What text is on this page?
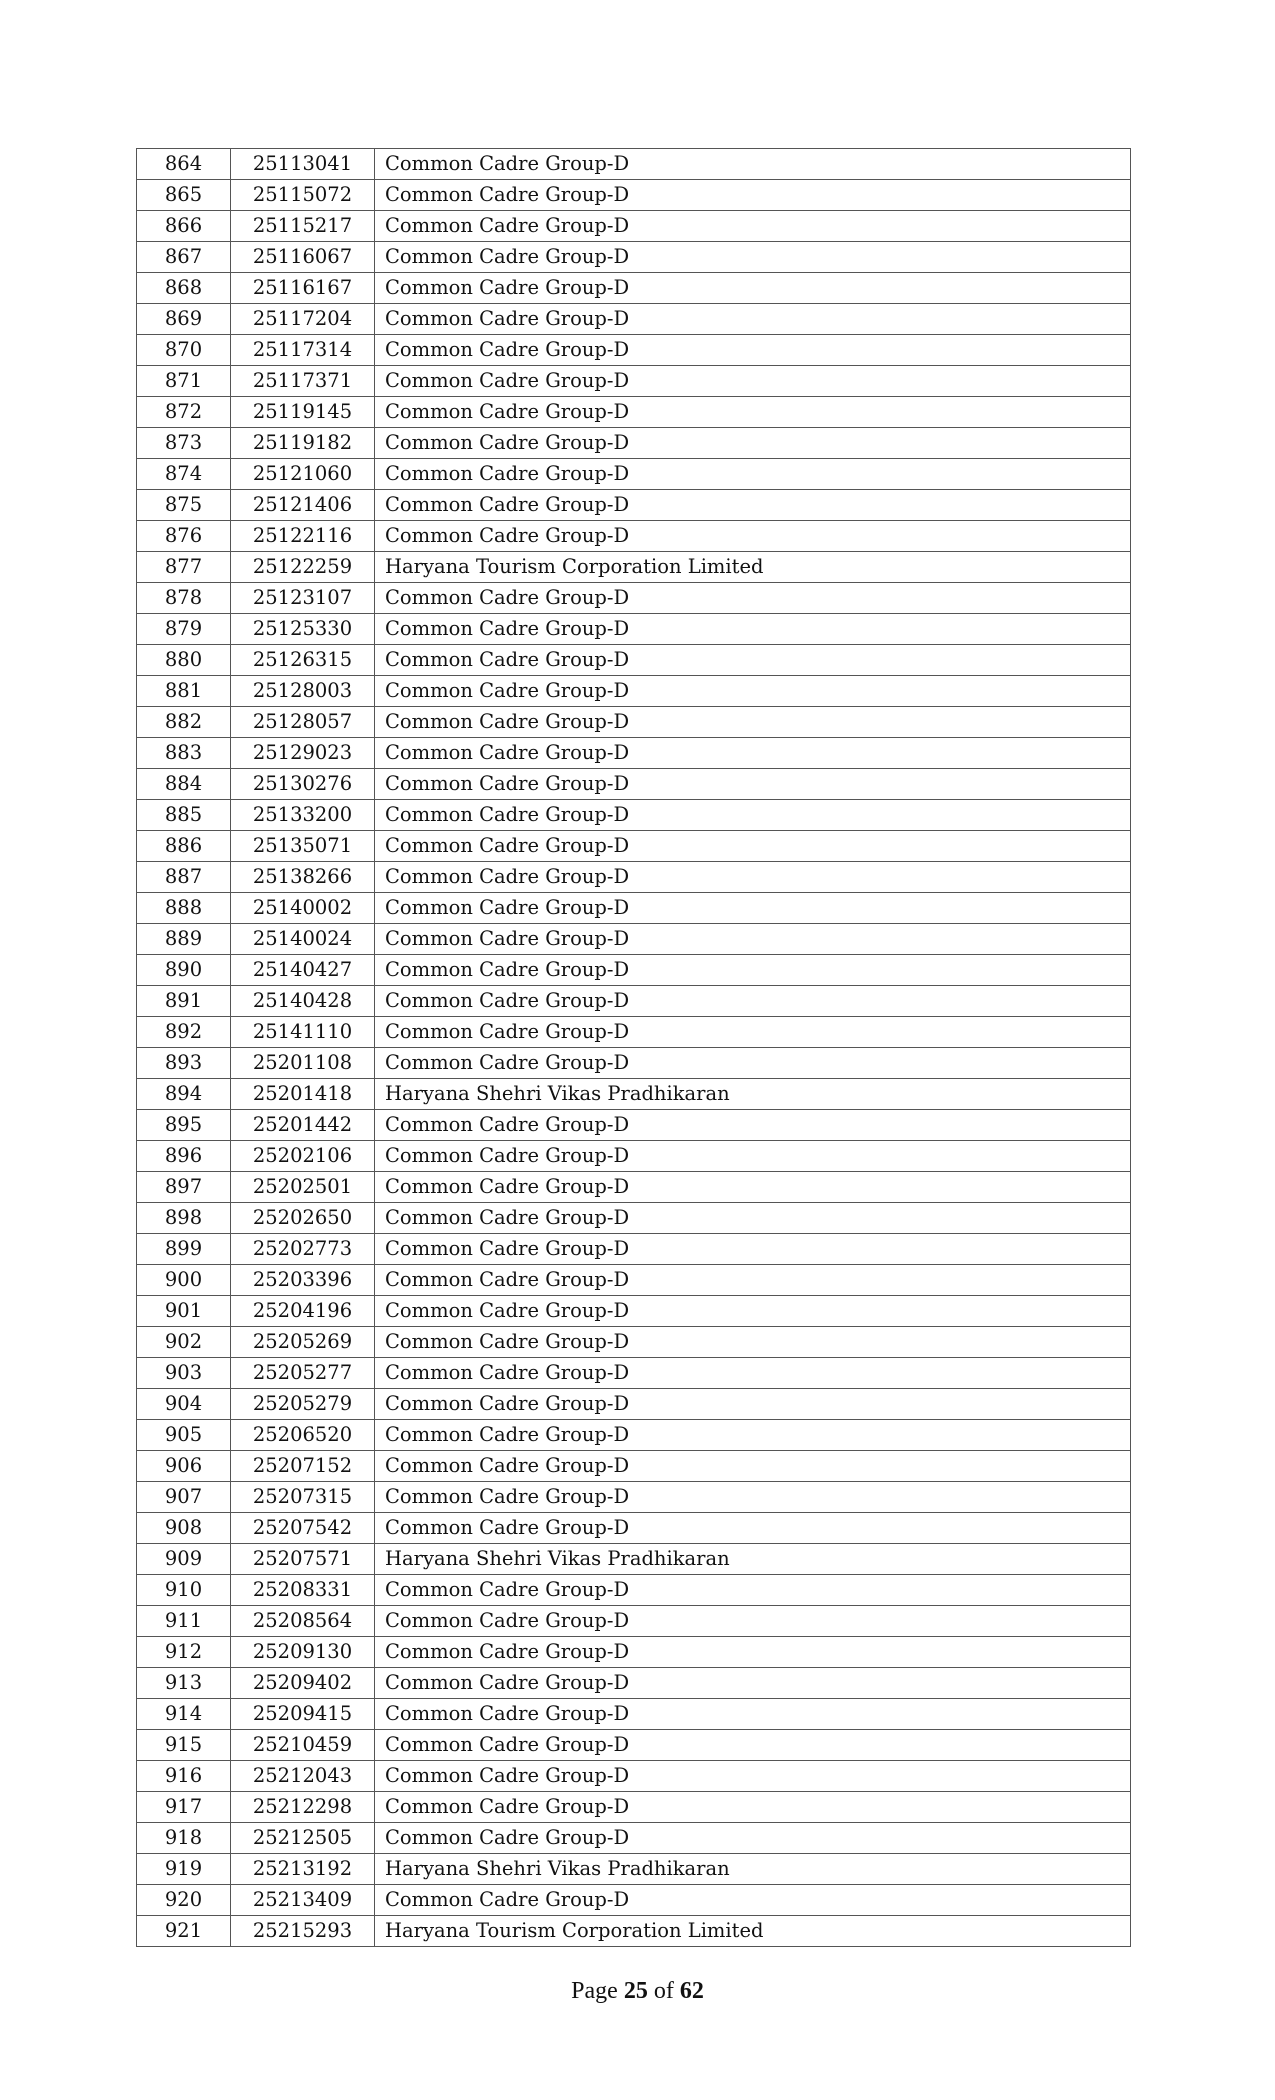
864	25113041	Common Cadre Group-D
865	25115072	Common Cadre Group-D
866	25115217	Common Cadre Group-D
867	25116067	Common Cadre Group-D
868	25116167	Common Cadre Group-D
869	25117204	Common Cadre Group-D
870	25117314	Common Cadre Group-D
871	25117371	Common Cadre Group-D
872	25119145	Common Cadre Group-D
873	25119182	Common Cadre Group-D
874	25121060	Common Cadre Group-D
875	25121406	Common Cadre Group-D
876	25122116	Common Cadre Group-D
877	25122259	Haryana Tourism Corporation Limited
878	25123107	Common Cadre Group-D
879	25125330	Common Cadre Group-D
880	25126315	Common Cadre Group-D
881	25128003	Common Cadre Group-D
882	25128057	Common Cadre Group-D
883	25129023	Common Cadre Group-D
884	25130276	Common Cadre Group-D
885	25133200	Common Cadre Group-D
886	25135071	Common Cadre Group-D
887	25138266	Common Cadre Group-D
888	25140002	Common Cadre Group-D
889	25140024	Common Cadre Group-D
890	25140427	Common Cadre Group-D
891	25140428	Common Cadre Group-D
892	25141110	Common Cadre Group-D
893	25201108	Common Cadre Group-D
894	25201418	Haryana Shehri Vikas Pradhikaran
895	25201442	Common Cadre Group-D
896	25202106	Common Cadre Group-D
897	25202501	Common Cadre Group-D
898	25202650	Common Cadre Group-D
899	25202773	Common Cadre Group-D
900	25203396	Common Cadre Group-D
901	25204196	Common Cadre Group-D
902	25205269	Common Cadre Group-D
903	25205277	Common Cadre Group-D
904	25205279	Common Cadre Group-D
905	25206520	Common Cadre Group-D
906	25207152	Common Cadre Group-D
907	25207315	Common Cadre Group-D
908	25207542	Common Cadre Group-D
909	25207571	Haryana Shehri Vikas Pradhikaran
910	25208331	Common Cadre Group-D
911	25208564	Common Cadre Group-D
912	25209130	Common Cadre Group-D
913	25209402	Common Cadre Group-D
914	25209415	Common Cadre Group-D
915	25210459	Common Cadre Group-D
916	25212043	Common Cadre Group-D
917	25212298	Common Cadre Group-D
918	25212505	Common Cadre Group-D
919	25213192	Haryana Shehri Vikas Pradhikaran
920	25213409	Common Cadre Group-D
921	25215293	Haryana Tourism Corporation Limited
Page 25 of 62
